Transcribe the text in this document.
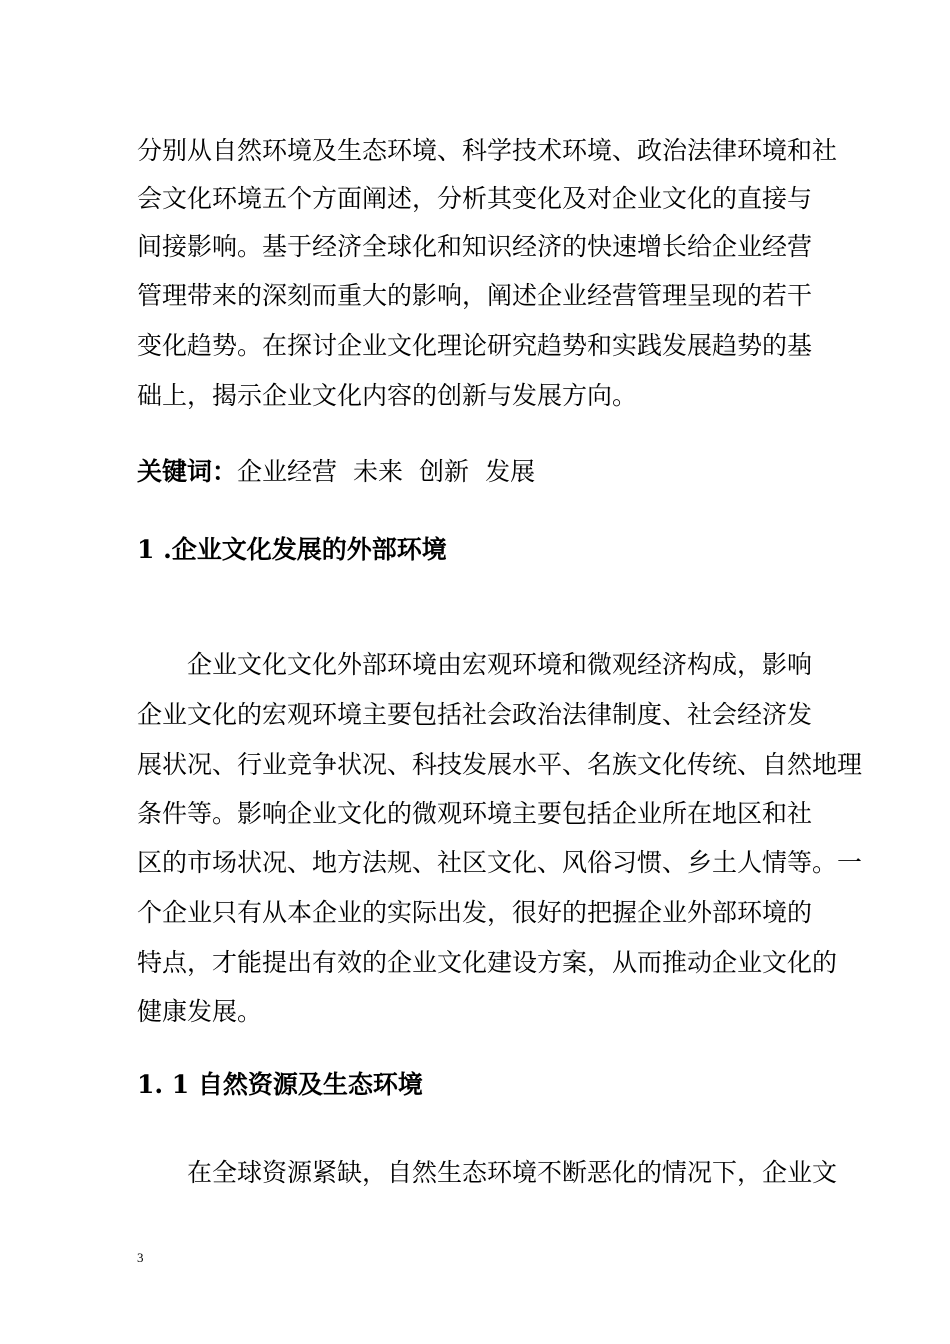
分别从自然环境及生态环境、科学技术环境、政治法律环境和社
会文化环境五个方面阐述，分析其变化及对企业文化的直接与
间接影响。基于经济全球化和知识经济的快速增长给企业经营
管理带来的深刻而重大的影响，阐述企业经营管理呈现的若干
变化趋势。在探讨企业文化理论研究趋势和实践发展趋势的基
础上，揭示企业文化内容的创新与发展方向。
关键词：企业经营 未来 创新 发展
1 .企业文化发展的外部环境
企业文化文化外部环境由宏观环境和微观经济构成，影响
企业文化的宏观环境主要包括社会政治法律制度、社会经济发
展状况、行业竞争状况、科技发展水平、名族文化传统、自然地理
条件等。影响企业文化的微观环境主要包括企业所在地区和社
区的市场状况、地方法规、社区文化、风俗习惯、乡土人情等。一
个企业只有从本企业的实际出发，很好的把握企业外部环境的
特点，才能提出有效的企业文化建设方案，从而推动企业文化的
健康发展。
1. 1 自然资源及生态环境
在全球资源紧缺，自然生态环境不断恶化的情况下，企业文
3
